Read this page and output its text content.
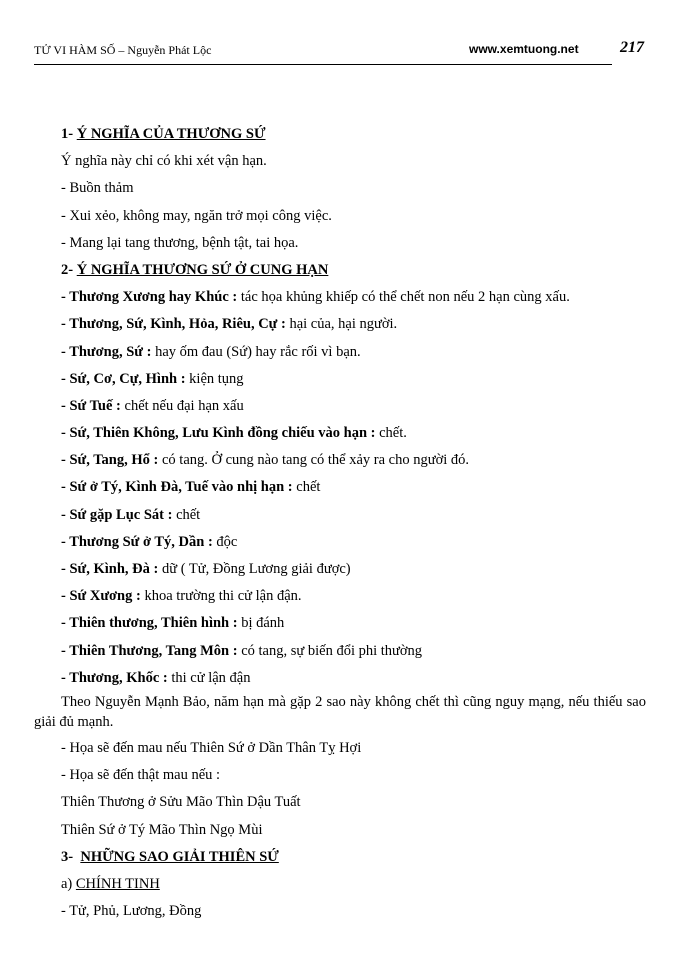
TỬ VI HÀM SỐ – Nguyễn Phát Lộc	www.xemtuong.net	217
1- Ý NGHĨA CỦA THƯƠNG SỨ
Ý nghĩa này chỉ có khi xét vận hạn.
- Buồn thảm
- Xui xẻo, không may, ngăn trở mọi công việc.
- Mang lại tang thương, bệnh tật, tai họa.
2- Ý NGHĨA THƯƠNG SỨ Ở CUNG HẠN
- Thương Xương hay Khúc : tác họa khủng khiếp có thể chết non nếu 2 hạn cùng xấu.
- Thương, Sứ, Kình, Hỏa, Riêu, Cự : hại của, hại người.
- Thương, Sứ : hay ốm đau (Sứ) hay rắc rối vì bạn.
- Sứ, Cơ, Cự, Hình : kiện tụng
- Sứ Tuế : chết nếu đại hạn xấu
- Sứ, Thiên Không, Lưu Kình đồng chiếu vào hạn : chết.
- Sứ, Tang, Hổ : có tang. Ở cung nào tang có thể xảy ra cho người đó.
- Sứ ở Tý, Kình Đà, Tuế vào nhị hạn : chết
- Sứ gặp Lục Sát : chết
- Thương Sứ ở Tý, Dần : độc
- Sứ, Kình, Đà : dữ ( Tử, Đồng Lương giải được)
- Sứ Xương : khoa trường thi cử lận đận.
- Thiên thương, Thiên hình : bị đánh
- Thiên Thương, Tang Môn : có tang, sự biến đổi phi thường
- Thương, Khốc : thi cử lận đận

Theo Nguyễn Mạnh Bảo, năm hạn mà gặp 2 sao này không chết thì cũng nguy mạng, nếu thiếu sao giải đủ mạnh.

- Họa sẽ đến mau nếu Thiên Sứ ở Dần Thân Tỵ Hợi
- Họa sẽ đến thật mau nếu :
Thiên Thương ở Sửu Mão Thìn Dậu Tuất
Thiên Sứ ở Tý Mão Thìn Ngọ Mùi
3-  NHỮNG SAO GIẢI THIÊN SỨ
a) CHÍNH TINH
- Tử, Phủ, Lương, Đồng
